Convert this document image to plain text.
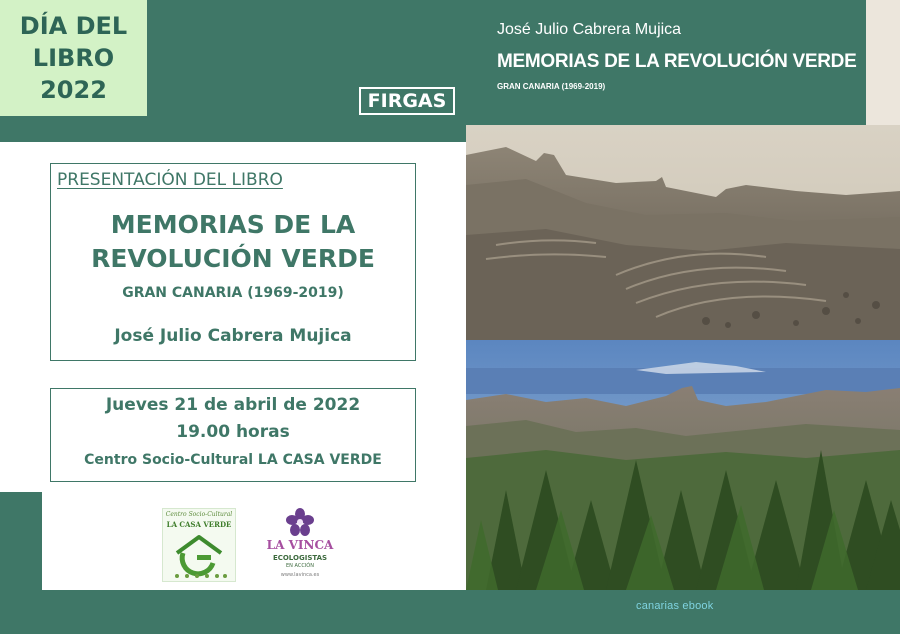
DÍA DEL LIBRO 2022	FIRGAS
PRESENTACIÓN DEL LIBRO
MEMORIAS DE LA REVOLUCIÓN VERDE
GRAN CANARIA (1969-2019)
José Julio Cabrera Mujica
Jueves 21 de abril de 2022
19.00 horas
Centro Socio-Cultural LA CASA VERDE
Centro Socio-Cultural
LA CASA VERDE
LA VINCA
ECOLOGISTAS
EN ACCIÓN
www.lavinca.es
José Julio Cabrera Mujica
MEMORIAS DE LA REVOLUCIÓN VERDE
GRAN CANARIA (1969-2019)
canarias ebook
